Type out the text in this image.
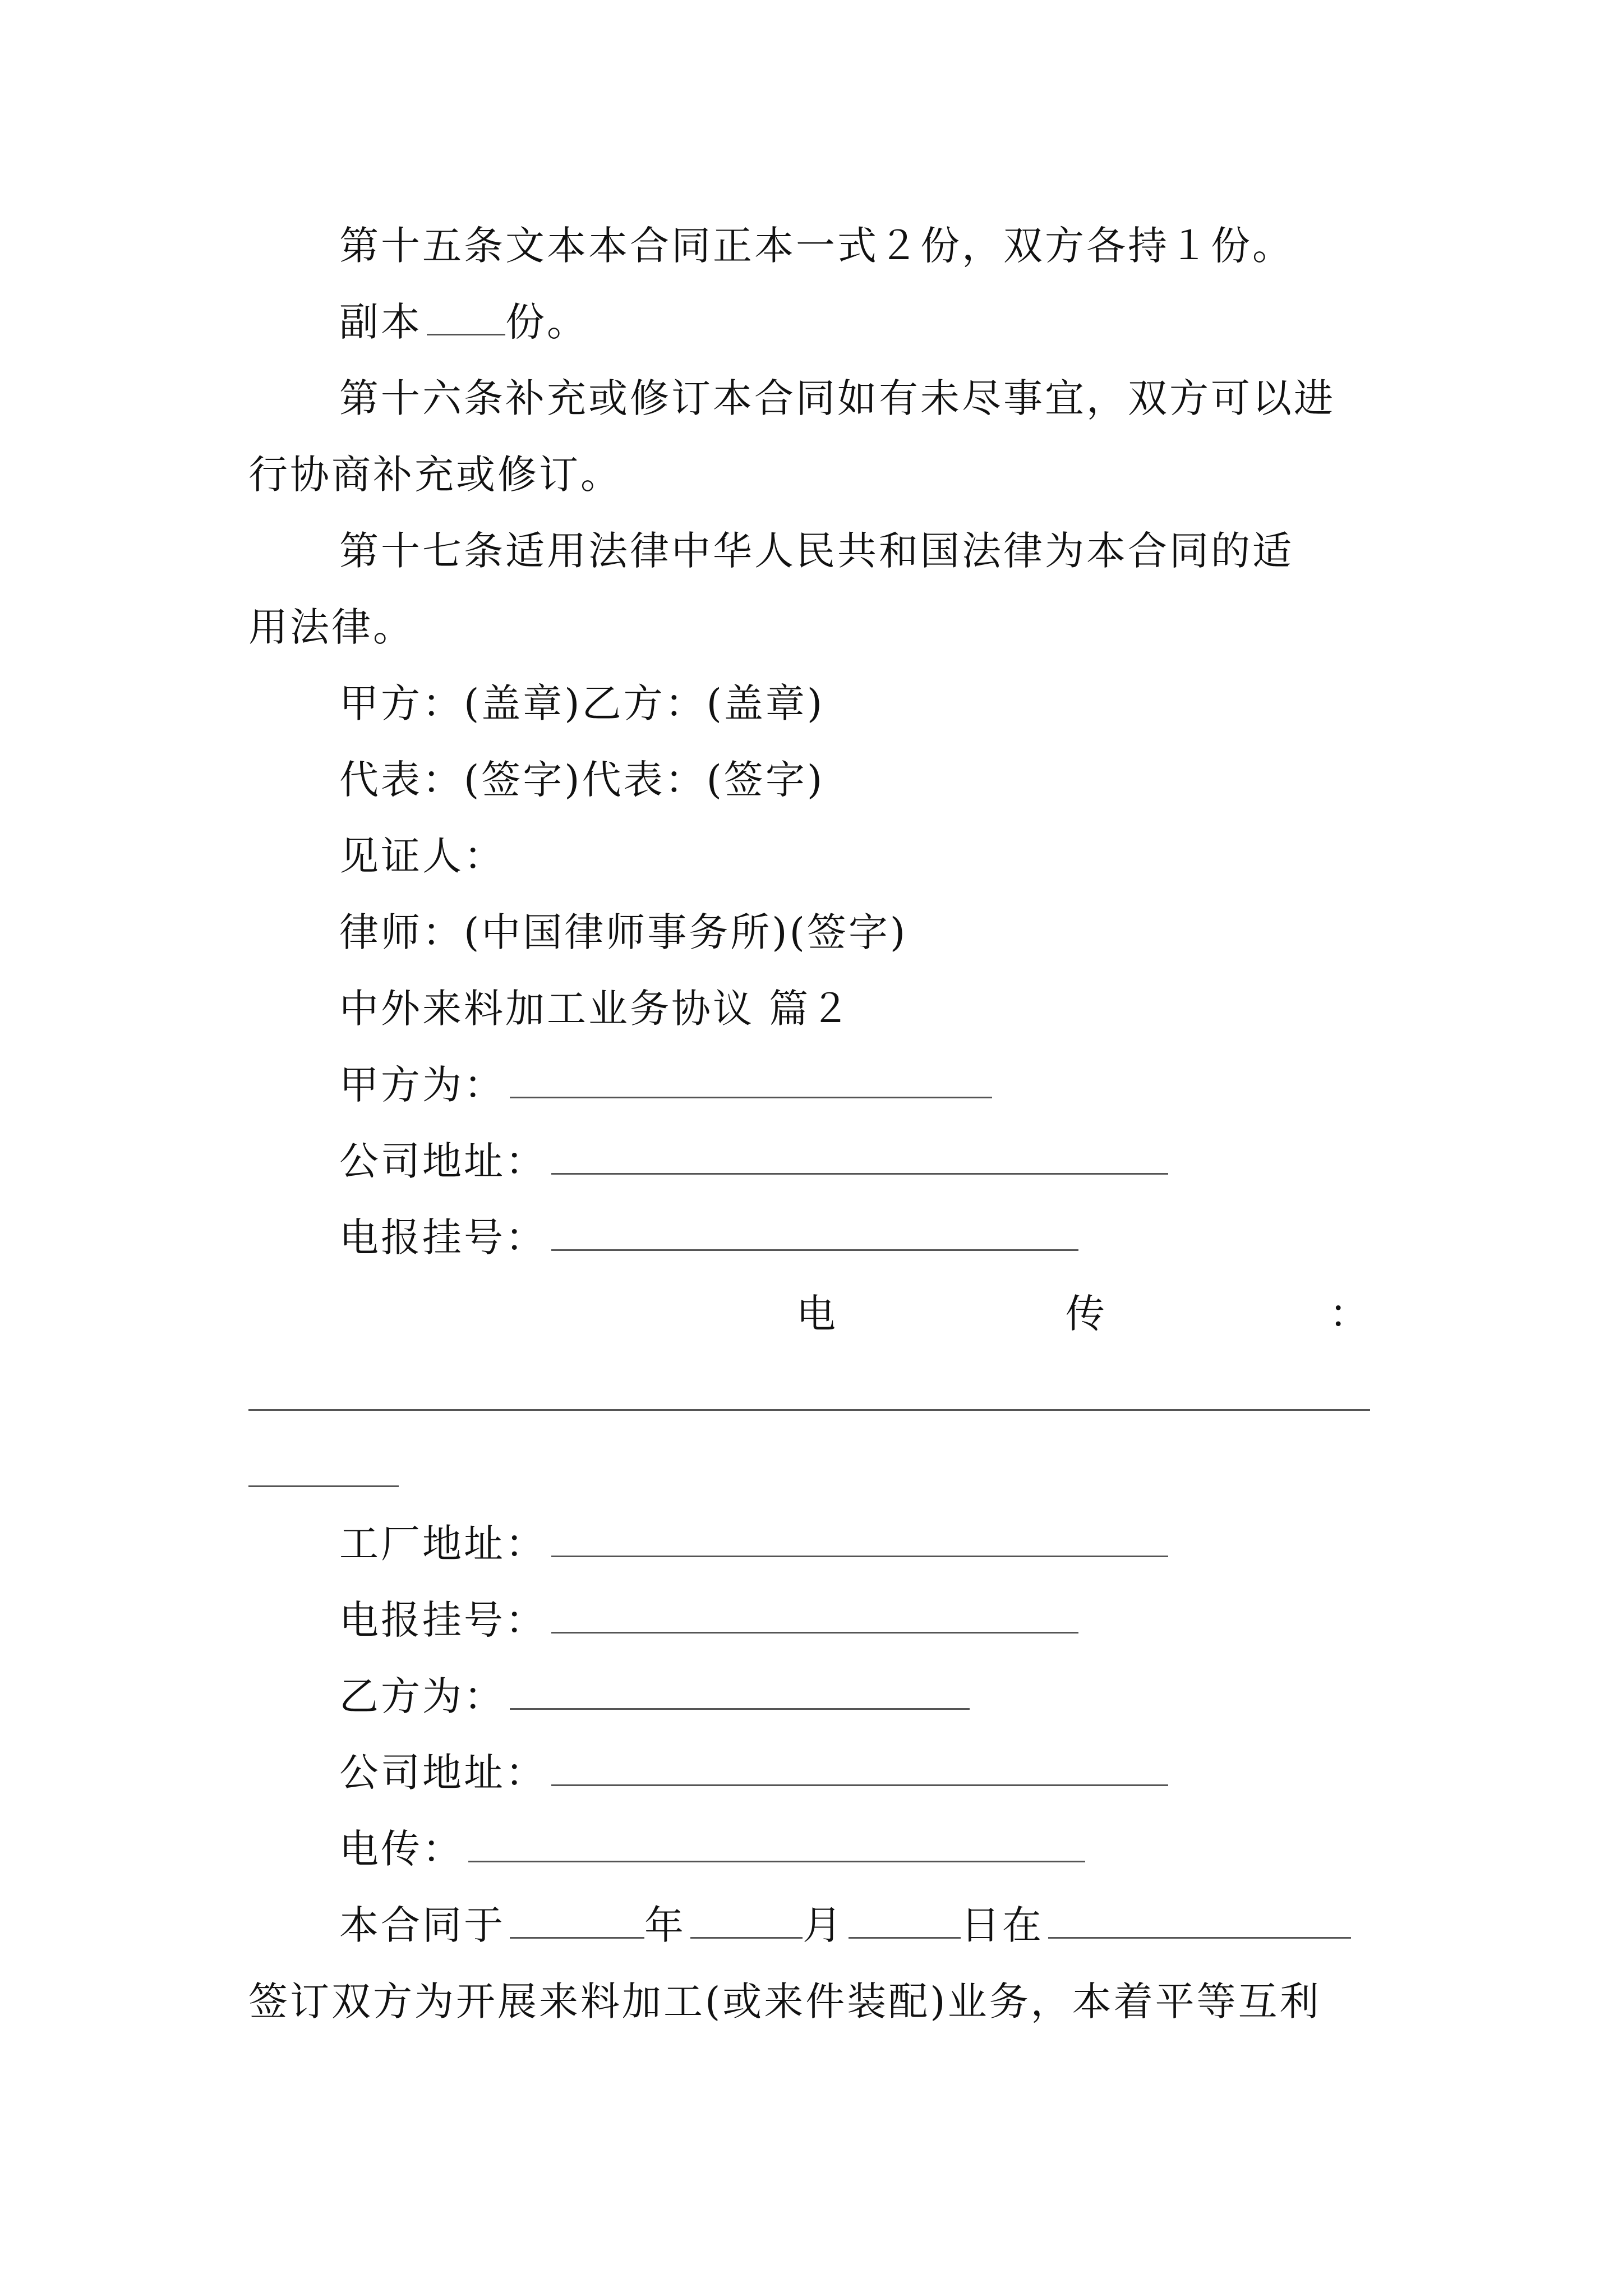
第十五条文本本合同正本一式２份，双方各持１份。
副本 份。
第十六条补充或修订本合同如有未尽事宜，双方可以进
行协商补充或修订。
第十七条适用法律中华人民共和国法律为本合同的适
用法律。
甲方：(盖章)乙方：(盖章)
代表：(签字)代表：(签字)
见证人：
律师：(中国律师事务所)(签字)
中外来料加工业务协议 篇２
甲方为：
公司地址：
电报挂号：
电	传	：
工厂地址：
电报挂号：
乙方为：
公司地址：
电传：
本合同于	年	月	日在
签订双方为开展来料加工(或来件装配)业务，本着平等互利
